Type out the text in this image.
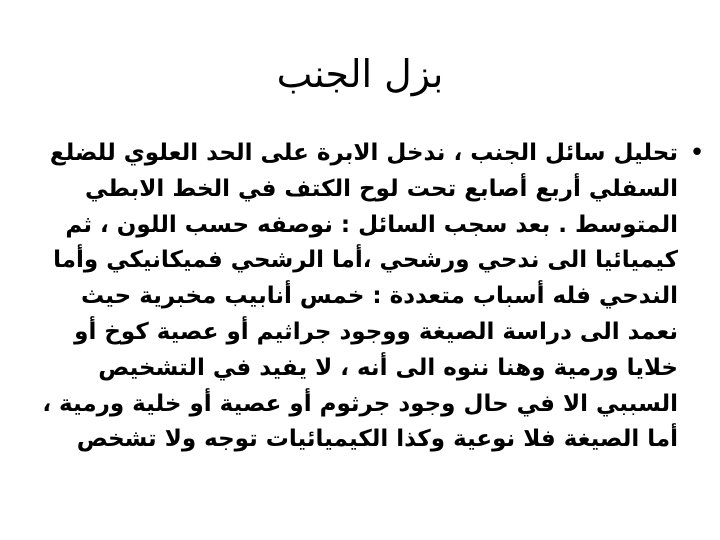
بزل الجنب
•
تحليل سائل الجنب ، ندخل الابرة على الحد العلوي للضلع
السفلي أربع أصابع تحت لوح الكتف في الخط الابطي
المتوسط . بعد سجب السائل : نوصفه حسب اللون ، ثم
كيميائيا الى ندحي ورشحي ،أما الرشحي فميكانيكي وأما
الندحي فله أسباب متعددة : خمس أنابيب مخبرية حيث
نعمد الى دراسة الصيغة ووجود جراثيم أو عصية كوخ أو
خلايا ورمية وهنا ننوه الى أنه ، لا يفيد في التشخيص
السببي الا في حال وجود جرثوم أو عصية أو خلية ورمية ،
أما الصيغة فلا نوعية وكذا الكيميائيات توجه ولا تشخص
